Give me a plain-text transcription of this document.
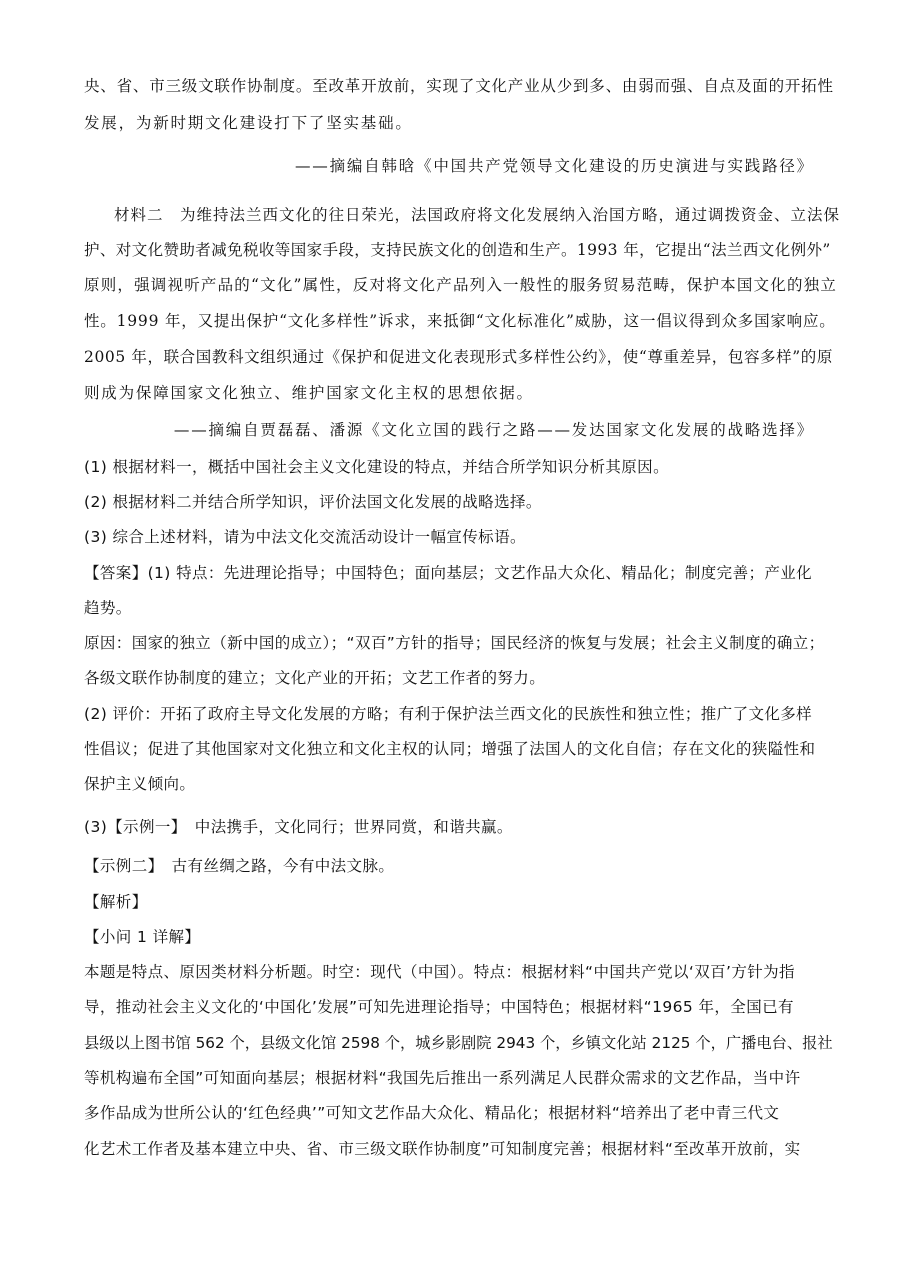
央、省、市三级文联作协制度。至改革开放前，实现了文化产业从少到多、由弱而强、自点及面的开拓性
发展，为新时期文化建设打下了坚实基础。
——摘编自韩晗《中国共产党领导文化建设的历史演进与实践路径》
材料二　为维持法兰西文化的往日荣光，法国政府将文化发展纳入治国方略，通过调拨资金、立法保
护、对文化赞助者减免税收等国家手段，支持民族文化的创造和生产。1993 年，它提出“法兰西文化例外”
原则，强调视听产品的“文化”属性，反对将文化产品列入一般性的服务贸易范畴，保护本国文化的独立
性。1999 年，又提出保护“文化多样性”诉求，来抵御“文化标准化”威胁，这一倡议得到众多国家响应。
2005 年，联合国教科文组织通过《保护和促进文化表现形式多样性公约》，使“尊重差异，包容多样”的原
则成为保障国家文化独立、维护国家文化主权的思想依据。
——摘编自贾磊磊、潘源《文化立国的践行之路——发达国家文化发展的战略选择》
(1) 根据材料一，概括中国社会主义文化建设的特点，并结合所学知识分析其原因。
(2) 根据材料二并结合所学知识，评价法国文化发展的战略选择。
(3) 综合上述材料，请为中法文化交流活动设计一幅宣传标语。
【答案】(1) 特点：先进理论指导；中国特色；面向基层；文艺作品大众化、精品化；制度完善；产业化
趋势。
原因：国家的独立（新中国的成立）；“双百”方针的指导；国民经济的恢复与发展；社会主义制度的确立；
各级文联作协制度的建立；文化产业的开拓；文艺工作者的努力。
(2) 评价：开拓了政府主导文化发展的方略；有利于保护法兰西文化的民族性和独立性；推广了文化多样
性倡议；促进了其他国家对文化独立和文化主权的认同；增强了法国人的文化自信；存在文化的狭隘性和
保护主义倾向。
(3)【示例一】　中法携手，文化同行；世界同赏，和谐共赢。
【示例二】　古有丝绸之路，今有中法文脉。
【解析】
【小问 1 详解】
本题是特点、原因类材料分析题。时空：现代（中国）。特点：根据材料“中国共产党以‘双百’方针为指
导，推动社会主义文化的‘中国化’发展”可知先进理论指导；中国特色；根据材料“1965 年，全国已有
县级以上图书馆 562 个，县级文化馆 2598 个，城乡影剧院 2943 个，乡镇文化站 2125 个，广播电台、报社
等机构遍布全国”可知面向基层；根据材料“我国先后推出一系列满足人民群众需求的文艺作品，当中许
多作品成为世所公认的‘红色经典’”可知文艺作品大众化、精品化；根据材料“培养出了老中青三代文
化艺术工作者及基本建立中央、省、市三级文联作协制度”可知制度完善；根据材料“至改革开放前，实
